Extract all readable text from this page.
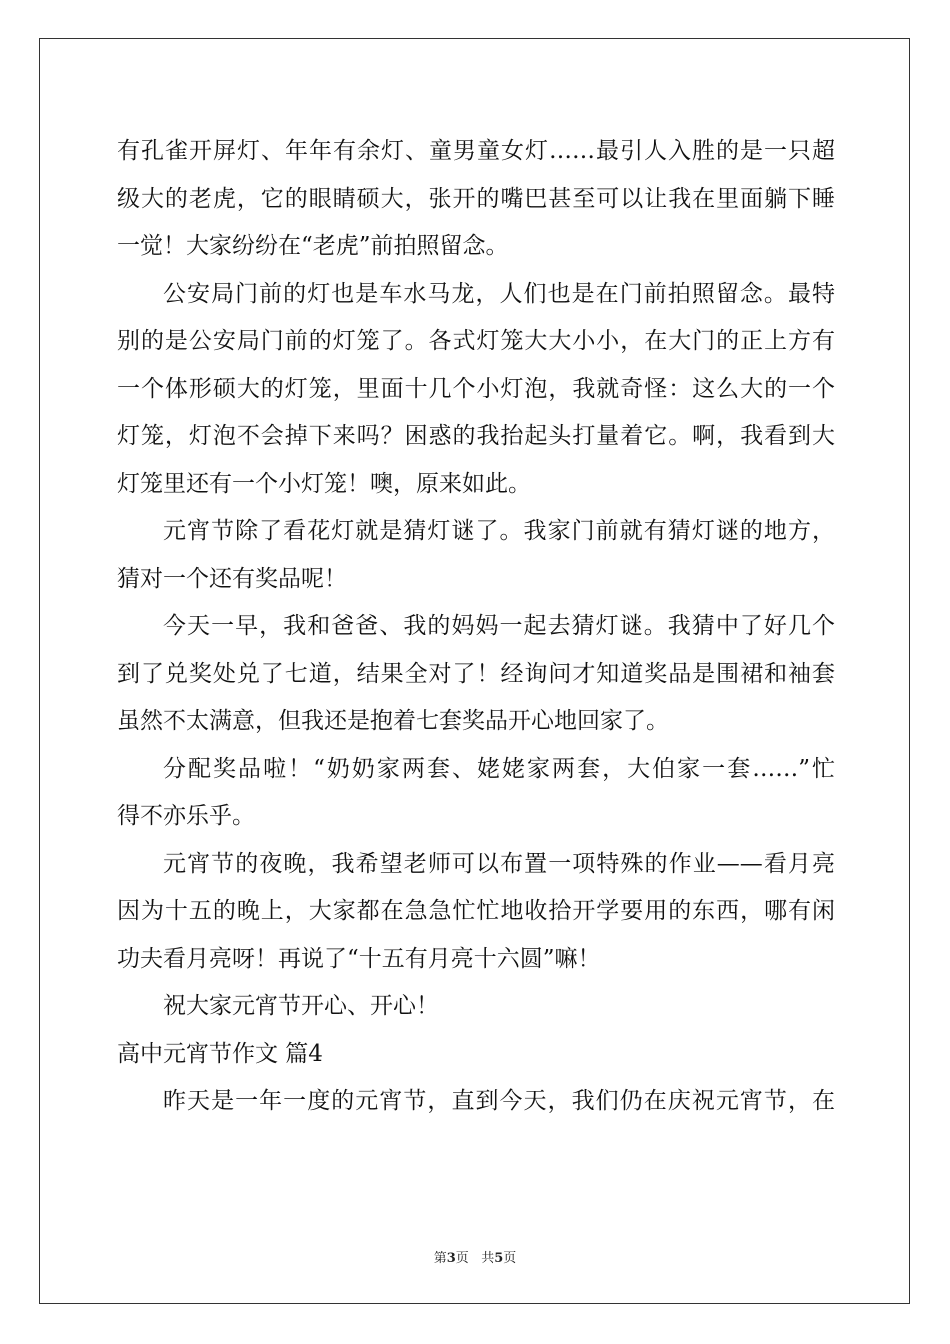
有孔雀开屏灯、年年有余灯、童男童女灯……最引人入胜的是一只超
级大的老虎，它的眼睛硕大，张开的嘴巴甚至可以让我在里面躺下睡
一觉！大家纷纷在“老虎”前拍照留念。
公安局门前的灯也是车水马龙，人们也是在门前拍照留念。最特
别的是公安局门前的灯笼了。各式灯笼大大小小，在大门的正上方有
一个体形硕大的灯笼，里面十几个小灯泡，我就奇怪：这么大的一个
灯笼，灯泡不会掉下来吗？困惑的我抬起头打量着它。啊，我看到大
灯笼里还有一个小灯笼！噢，原来如此。
元宵节除了看花灯就是猜灯谜了。我家门前就有猜灯谜的地方，
猜对一个还有奖品呢！
今天一早，我和爸爸、我的妈妈一起去猜灯谜。我猜中了好几个
到了兑奖处兑了七道，结果全对了！经询问才知道奖品是围裙和袖套
虽然不太满意，但我还是抱着七套奖品开心地回家了。
分配奖品啦！“奶奶家两套、姥姥家两套，大伯家一套……”忙
得不亦乐乎。
元宵节的夜晚，我希望老师可以布置一项特殊的作业——看月亮
因为十五的晚上，大家都在急急忙忙地收拾开学要用的东西，哪有闲
功夫看月亮呀！再说了“十五有月亮十六圆”嘛！
祝大家元宵节开心、开心！
高中元宵节作文 篇4
昨天是一年一度的元宵节，直到今天，我们仍在庆祝元宵节，在
第3页 共5页
